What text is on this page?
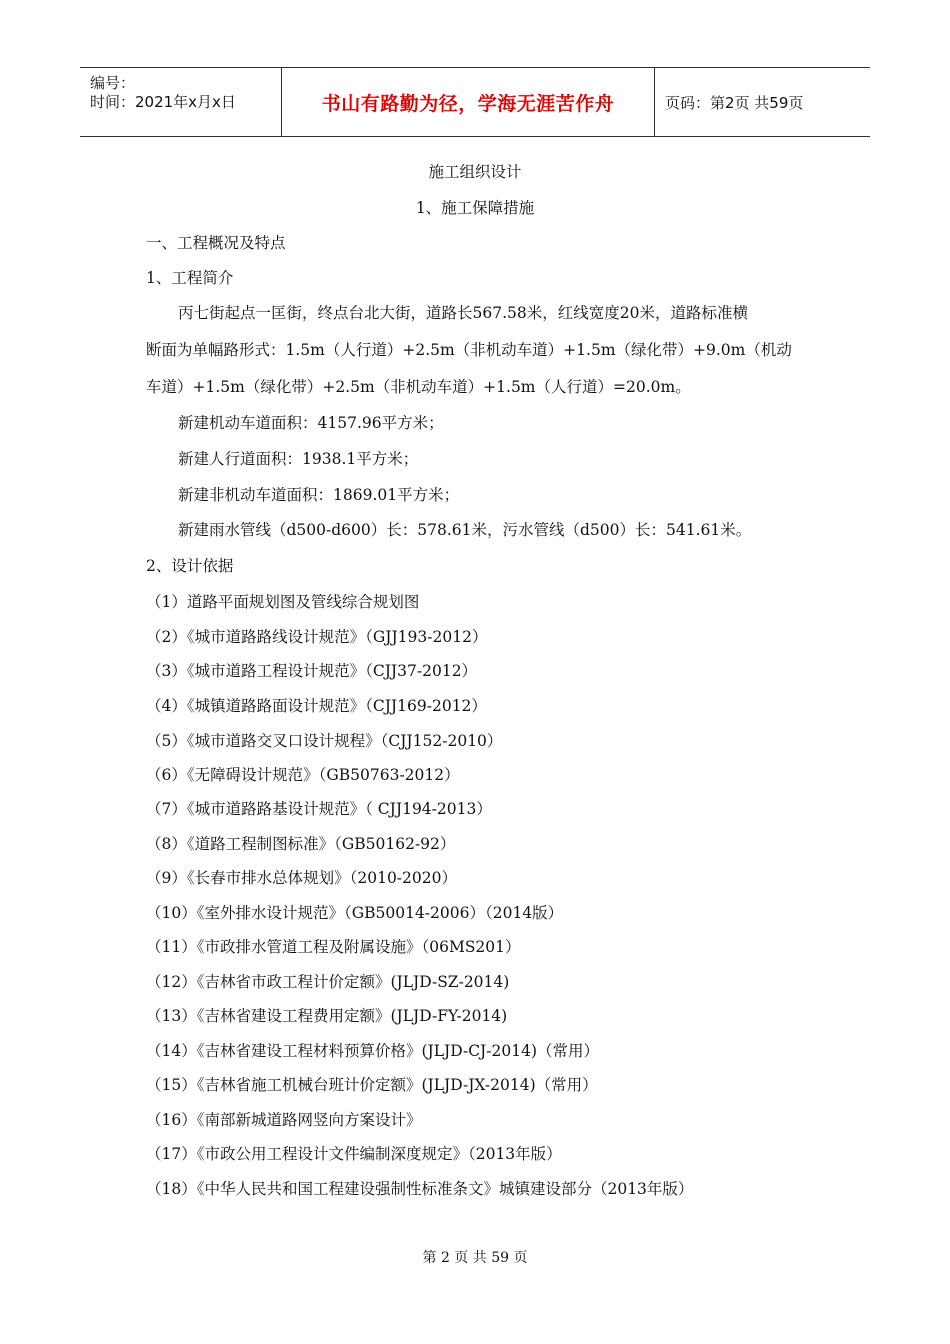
编号：
时间：2021年x月x日	书山有路勤为径，学海无涯苦作舟	页码：第2页 共59页
施工组织设计
1、施工保障措施
一、工程概况及特点
1、工程简介
丙七街起点一匡街，终点台北大街，道路长567.58米，红线宽度20米，道路标准横
断面为单幅路形式：1.5m（人行道）+2.5m（非机动车道）+1.5m（绿化带）+9.0m（机动
车道）+1.5m（绿化带）+2.5m（非机动车道）+1.5m（人行道）=20.0m。
新建机动车道面积：4157.96平方米；
新建人行道面积：1938.1平方米；
新建非机动车道面积：1869.01平方米；
新建雨水管线（d500-d600）长：578.61米，污水管线（d500）长：541.61米。
2、设计依据
（1）道路平面规划图及管线综合规划图
（2）《城市道路路线设计规范》（GJJ193-2012）
（3）《城市道路工程设计规范》（CJJ37-2012）
（4）《城镇道路路面设计规范》（CJJ169-2012）
（5）《城市道路交叉口设计规程》（CJJ152-2010）
（6）《无障碍设计规范》（GB50763-2012）
（7）《城市道路路基设计规范》（ CJJ194-2013）
（8）《道路工程制图标准》（GB50162-92）
（9）《长春市排水总体规划》（2010-2020）
（10）《室外排水设计规范》（GB50014-2006）（2014版）
（11）《市政排水管道工程及附属设施》（06MS201）
（12）《吉林省市政工程计价定额》(JLJD-SZ-2014)
（13）《吉林省建设工程费用定额》(JLJD-FY-2014)
（14）《吉林省建设工程材料预算价格》(JLJD-CJ-2014)（常用）
（15）《吉林省施工机械台班计价定额》(JLJD-JX-2014)（常用）
（16）《南部新城道路网竖向方案设计》
（17）《市政公用工程设计文件编制深度规定》（2013年版）
（18）《中华人民共和国工程建设强制性标准条文》城镇建设部分（2013年版）
第 2 页 共 59 页
